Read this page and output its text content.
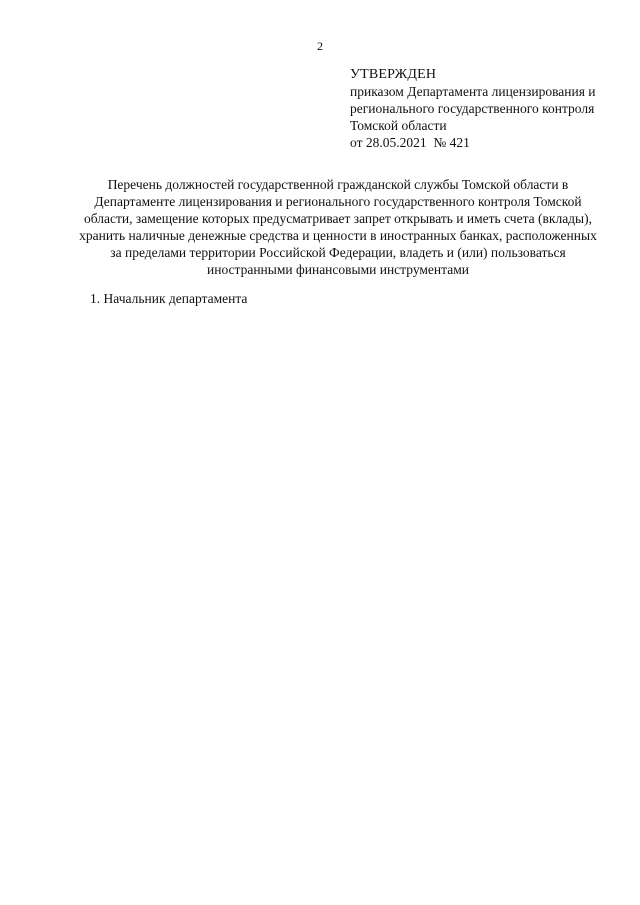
2
УТВЕРЖДЕН
приказом Департамента лицензирования и
регионального государственного контроля
Томской области
от 28.05.2021 № 421
Перечень должностей государственной гражданской службы Томской области в
Департаменте лицензирования и регионального государственного контроля Томской
области, замещение которых предусматривает запрет открывать и иметь счета (вклады),
хранить наличные денежные средства и ценности в иностранных банках, расположенных
за пределами территории Российской Федерации, владеть и (или) пользоваться
иностранными финансовыми инструментами
1. Начальник департамента
